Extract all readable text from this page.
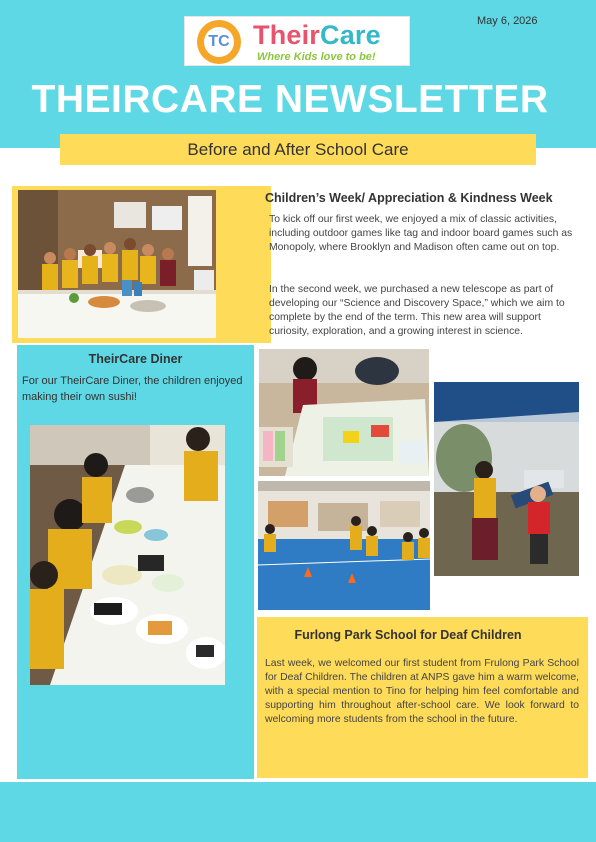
TC TheirCare
Where Kids love to be!
May 6, 2026
THEIRCARE NEWSLETTER
Before and After School Care
Children’s Week/ Appreciation & Kindness Week

To kick off our first week, we enjoyed a mix of classic activities, including outdoor games like tag and indoor board games such as Monopoly, where Brooklyn and Madison often came out on top.

In the second week, we purchased a new telescope as part of developing our “Science and Discovery Space,” which we aim to complete by the end of the term. This new area will support curiosity, exploration, and a growing interest in science.

TheirCare Diner

For our TheirCare Diner, the children enjoyed making their own sushi!

Furlong Park School for Deaf Children

Last week, we welcomed our first student from Frulong Park School for Deaf Children. The children at ANPS gave him a warm welcome, with a special mention to Tino for helping him feel comfortable and supporting him throughout after-school care. We look forward to welcoming more students from the school in the future.
